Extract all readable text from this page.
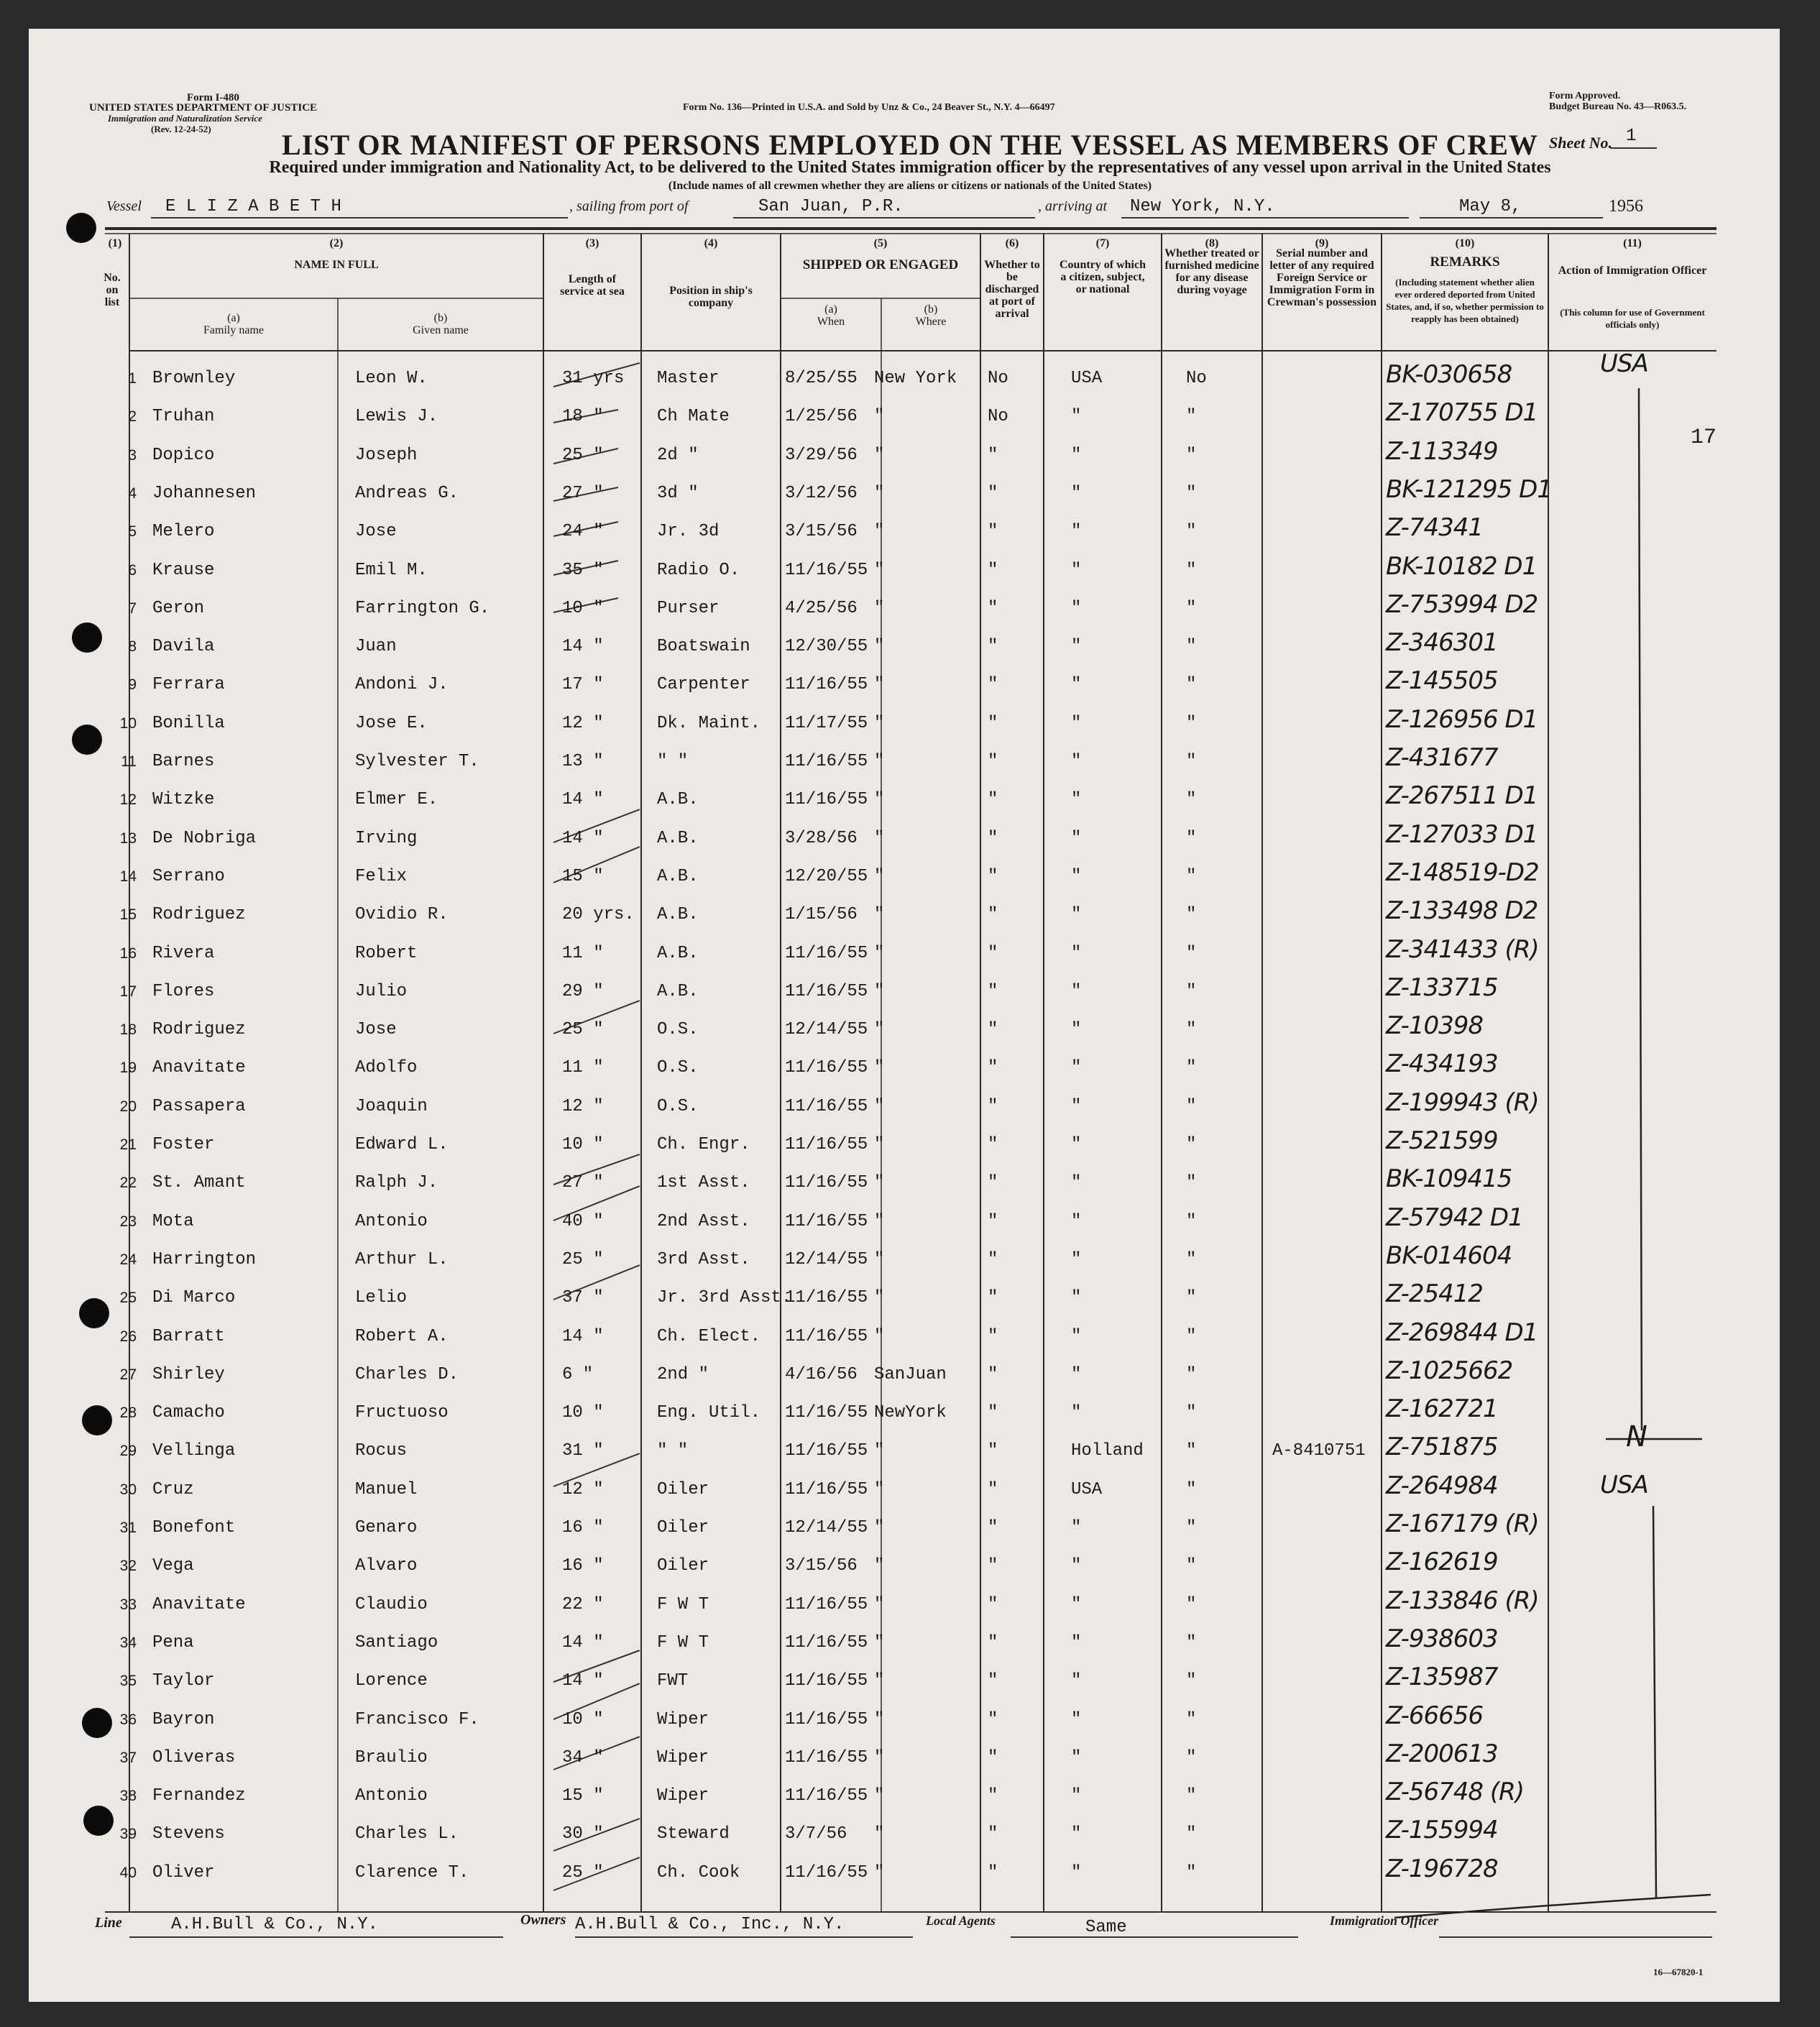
Form I-480
UNITED STATES DEPARTMENT OF JUSTICE
Immigration and Naturalization Service
(Rev. 12-24-52)
Form No. 136—Printed in U.S.A. and Sold by Unz & Co., 24 Beaver St., N.Y. 4—66497
Form Approved.
Budget Bureau No. 43—R063.5.
LIST OR MANIFEST OF PERSONS EMPLOYED ON THE VESSEL AS MEMBERS OF CREW Sheet No. 1
Required under immigration and Nationality Act, to be delivered to the United States immigration officer by the representatives of any vessel upon arrival in the United States
(Include names of all crewmen whether they are aliens or citizens or nationals of the United States)
Vessel E L I Z A B E T H	, sailing from port of	San Juan, P.R.	, arriving at New York, N.Y.	May 8,	1956
(1)
No. on list
(2)
NAME IN FULL
(a)
Family name
(b)
Given name
(3)
Length of service at sea
(4)
Position in ship's company
(5)
SHIPPED OR ENGAGED
(a)
When
(b)
Where
(6)
Whether to be discharged at port of arrival
(7)
Country of which a citizen, subject, or national
(8)
Whether treated or furnished medicine for any disease during voyage
(9)
Serial number and letter of any required Foreign Service or Immigration Form in Crewman's possession
(10)
REMARKS
(Including statement whether alien ever ordered deported from United States, and, if so, whether permission to reapply has been obtained)
(11)
Action of Immigration Officer
(This column for use of Government officials only)
1 Brownley	Leon W.	31 yrs Master	8/25/55 New York No	USA	No	BK-030658
2 Truhan	Lewis J.	18 "	Ch Mate	1/25/56 "	No	"	"	Z-170755 D1
3 Dopico	Joseph	25 "	2d "	3/29/56 "	"	"	"	Z-113349
4 Johannesen	Andreas G.	27 "	3d "	3/12/56 "	"	"	"	BK-121295 D1
5 Melero	Jose	24 "	Jr. 3d	3/15/56 "	"	"	"	Z-74341
6 Krause	Emil M.	35 "	Radio O.	11/16/55 "	"	"	"	BK-10182 D1
7 Geron	Farrington G.	10 "	Purser	4/25/56 "	"	"	"	Z-753994 D2
8 Davila	Juan	14 "	Boatswain 12/30/55 "	"	"	"	Z-346301
9 Ferrara	Andoni J.	17 "	Carpenter 11/16/55 "	"	"	"	Z-145505
10 Bonilla	Jose E.	12 "	Dk. Maint. 11/17/55 "	"	"	"	Z-126956 D1
11 Barnes	Sylvester T.	13 "	" "	11/16/55 "	"	"	"	Z-431677
12 Witzke	Elmer E.	14 "	A.B.	11/16/55 "	"	"	"	Z-267511 D1
13 De Nobriga	Irving	14 "	A.B.	3/28/56 "	"	"	"	Z-127033 D1
14 Serrano	Felix	15 "	A.B.	12/20/55 "	"	"	"	Z-148519-D2
15 Rodriguez	Ovidio R.	20 yrs. A.B.	1/15/56 "	"	"	"	Z-133498 D2
16 Rivera	Robert	11 "	A.B.	11/16/55 "	"	"	"	Z-341433 (R)
17 Flores	Julio	29 "	A.B.	11/16/55 "	"	"	"	Z-133715
18 Rodriguez	Jose	25 "	O.S.	12/14/55 "	"	"	"	Z-10398
19 Anavitate	Adolfo	11 "	O.S.	11/16/55 "	"	"	"	Z-434193
20 Passapera	Joaquin	12 "	O.S.	11/16/55 "	"	"	"	Z-199943 (R)
21 Foster	Edward L.	10 "	Ch. Engr. 11/16/55 "	"	"	"	Z-521599
22 St. Amant	Ralph J.	27 "	1st Asst. 11/16/55 "	"	"	"	BK-109415
23 Mota	Antonio	40 "	2nd Asst. 11/16/55 "	"	"	"	Z-57942 D1
24 Harrington	Arthur L.	25 "	3rd Asst. 12/14/55 "	"	"	"	BK-014604
25 Di Marco	Lelio	37 "	Jr. 3rd Asst.
11/16/55 "	"	"	"	Z-25412
26 Barratt	Robert A.	14 "	Ch. Elect. 11/16/55 "	"	"	"	Z-269844 D1
27 Shirley	Charles D.	6 "	2nd "	4/16/56 SanJuan "	"	"	Z-1025662
28 Camacho	Fructuoso	10 "	Eng. Util. 11/16/55 NewYork "	"	"	Z-162721
29 Vellinga	Rocus	31 "	" "	11/16/55 "	"	Holland "	A-8410751 Z-751875
30 Cruz	Manuel	12 "	Oiler	11/16/55 "	"	USA	"	Z-264984
31 Bonefont	Genaro	16 "	Oiler	12/14/55 "	"	"	"	Z-167179 (R)
32 Vega	Alvaro	16 "	Oiler	3/15/56 "	"	"	"	Z-162619
33 Anavitate	Claudio	22 "	F W T	11/16/55 "	"	"	"	Z-133846 (R)
34 Pena	Santiago	14 "	F W T	11/16/55 "	"	"	"	Z-938603
35 Taylor	Lorence	14 "	FWT	11/16/55 "	"	"	"	Z-135987
36 Bayron	Francisco F.	10 "	Wiper	11/16/55 "	"	"	"	Z-66656
37 Oliveras	Braulio	34 "	Wiper	11/16/55 "	"	"	"	Z-200613
38 Fernandez	Antonio	15 "	Wiper	11/16/55 "	"	"	"	Z-56748 (R)
39 Stevens	Charles L.	30 "	Steward	3/7/56 "	"	"	"	Z-155994
40 Oliver	Clarence T.	25 "	Ch. Cook	11/16/55 "	"	"	"	Z-196728
USA
17
N
USA
Line	A.H.Bull & Co., N.Y.	Owners A.H.Bull & Co., Inc., N.Y.	Local Agents	Same	Immigration Officer
16—67820-1
